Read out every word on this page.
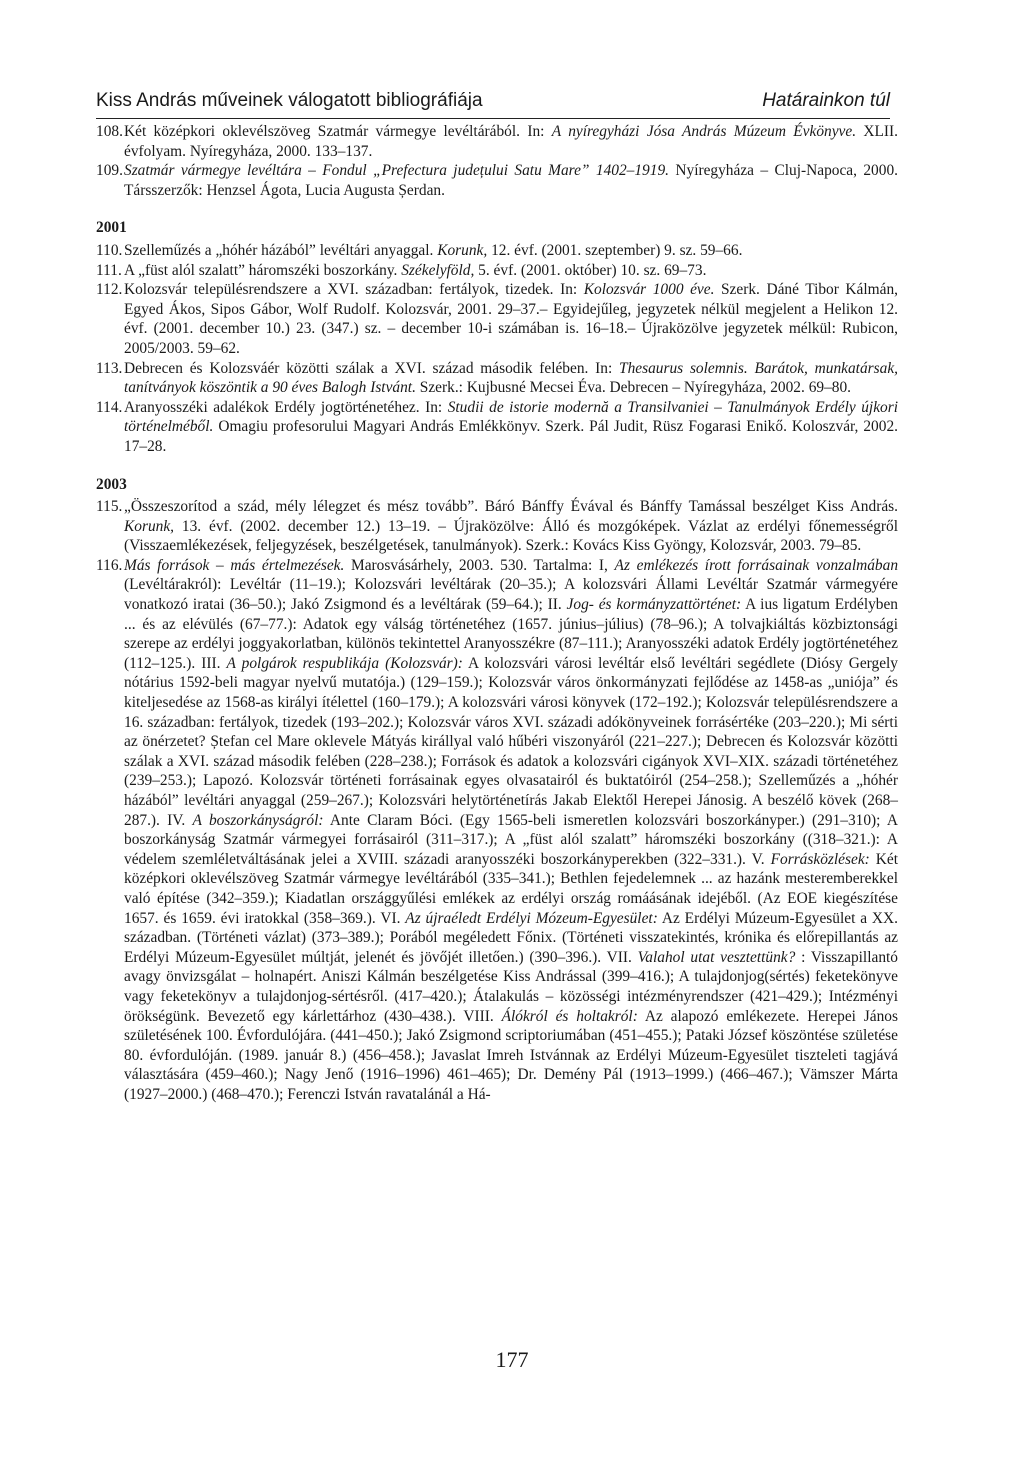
Kiss András műveinek válogatott bibliográfiája	Határainkon túl
108. Két középkori oklevélszöveg Szatmár vármegye levéltárából. In: A nyíregyházi Jósa András Múzeum Évkönyve. XLII. évfolyam. Nyíregyháza, 2000. 133–137.
109. Szatmár vármegye levéltára – Fondul „Prefectura județului Satu Mare” 1402–1919. Nyíregyháza – Cluj-Napoca, 2000. Társszerzők: Henzsel Ágota, Lucia Augusta Șerdan.
2001
110. Szelleműzés a „hóhér házából” levéltári anyaggal. Korunk, 12. évf. (2001. szeptember) 9. sz. 59–66.
111. A „füst alól szalatt” háromszéki boszorkány. Székelyföld, 5. évf. (2001. október) 10. sz. 69–73.
112. Kolozsvár településrendszere a XVI. században: fertályok, tizedek. In: Kolozsvár 1000 éve. Szerk. Dáné Tibor Kálmán, Egyed Ákos, Sipos Gábor, Wolf Rudolf. Kolozsvár, 2001. 29–37.– Egyidejűleg, jegyzetek nélkül megjelent a Helikon 12. évf. (2001. december 10.) 23. (347.) sz. – december 10-i számában is. 16–18.– Újraközölve jegyzetek mélkül: Rubicon, 2005/2003. 59–62.
113. Debrecen és Kolozsváér közötti szálak a XVI. század második felében. In: Thesaurus solemnis. Barátok, munkatársak, tanítványok köszöntik a 90 éves Balogh Istvánt. Szerk.: Kujbusné Mecsei Éva. Debrecen – Nyíregyháza, 2002. 69–80.
114. Aranyosszéki adalékok Erdély jogtörténetéhez. In: Studii de istorie modernă a Transilvaniei – Tanulmányok Erdély újkori történelméből. Omagiu profesorului Magyari András Emlékkönyv. Szerk. Pál Judit, Rüsz Fogarasi Enikő. Koloszvár, 2002. 17–28.
2003
115. „Összeszorítod a szád, mély lélegzet és mész tovább”. Báró Bánffy Évával és Bánffy Tamással beszélget Kiss András. Korunk, 13. évf. (2002. december 12.) 13–19. – Újraközölve: Álló és mozgóképek. Vázlat az erdélyi főnemességről (Visszaemlékezések, feljegyzések, beszélgetések, tanulmányok). Szerk.: Kovács Kiss Gyöngy, Kolozsvár, 2003. 79–85.
116. Más források – más értelmezések. Marosvásárhely, 2003. 530. Tartalma: I, Az emlékezés írott forrásainak vonzalmában (Levéltárakról): Levéltár (11–19.); Kolozsvári levéltárak (20–35.); A kolozsvári Állami Levéltár Szatmár vármegyére vonatkozó iratai (36–50.); Jakó Zsigmond és a levéltárak (59–64.); II. Jog- és kormányzattörténet: A ius ligatum Erdélyben ... és az elévülés (67–77.): Adatok egy válság történetéhez (1657. június–július) (78–96.); A tolvajkiáltás közbiztonsági szerepe az erdélyi joggyakorlatban, különös tekintettel Aranyosszékre (87–111.); Aranyosszéki adatok Erdély jogtörténetéhez (112–125.). III. A polgárok respublikája (Kolozsvár): A kolozsvári városi levéltár első levéltári segédlete (Diósy Gergely nótárius 1592-beli magyar nyelvű mutatója.) (129–159.); Kolozsvár város önkormányzati fejlődése az 1458-as „uniója” és kiteljesedése az 1568-as királyi ítélettel (160–179.); A kolozsvári városi könyvek (172–192.); Kolozsvár településrendszere a 16. században: fertályok, tizedek (193–202.); Kolozsvár város XVI. századi adókönyveinek forrásértéke (203–220.); Mi sérti az önérzetet? Ștefan cel Mare oklevele Mátyás királlyal való hűbéri viszonyáról (221–227.); Debrecen és Kolozsvár közötti szálak a XVI. század második felében (228–238.); Források és adatok a kolozsvári cigányok XVI–XIX. századi történetéhez (239–253.); Lapozó. Kolozsvár történeti forrásainak egyes olvasatairól és buktatóiról (254–258.); Szelleműzés a „hóhér házából” levéltári anyaggal (259–267.); Kolozsvári helytörténetírás Jakab Elektől Herepei Jánosig. A beszélő kövek (268–287.). IV. A boszorkányságról: Ante Claram Bóci. (Egy 1565-beli ismeretlen kolozsvári boszorkányper.) (291–310); A boszorkányság Szatmár vármegyei forrásairól (311–317.); A „füst alól szalatt” háromszéki boszorkány ((318–321.): A védelem szemléletváltásának jelei a XVIII. századi aranyosszéki boszorkányperekben (322–331.). V. Forrásközlések: Két középkori oklevélszöveg Szatmár vármegye levéltárából (335–341.); Bethlen fejedelemnek ... az hazánk mesteremberekkel való építése (342–359.); Kiadatlan országgyűlési emlékek az erdélyi ország romáásának idejéből. (Az EOE kiegészítése 1657. és 1659. évi iratokkal (358–369.). VI. Az újraéledt Erdélyi Mózeum-Egyesület: Az Erdélyi Múzeum-Egyesület a XX. században. (Történeti vázlat) (373–389.); Porából megéledett Főnix. (Történeti visszatekintés, krónika és előrepillantás az Erdélyi Múzeum-Egyesület múltját, jelenét és jövőjét illetően.) (390–396.). VII. Valahol utat vesztettünk? : Visszapillantó avagy önvizsgálat – holnapért. Aniszi Kálmán beszélgetése Kiss Andrással (399–416.); A tulajdonjog(sértés) feketekönyve vagy feketekönyv a tulajdonjog-sértésről. (417–420.); Átalakulás – közösségi intézményrendszer (421–429.); Intézményi örökségünk. Bevezető egy kárlettárhoz (430–438.). VIII. Álókról és holtakról: Az alapozó emlékezete. Herepei János születésének 100. Évfordulójára. (441–450.); Jakó Zsigmond scriptoriumában (451–455.); Pataki József köszöntése születése 80. évfordulóján. (1989. január 8.) (456–458.); Javaslat Imreh Istvánnak az Erdélyi Múzeum-Egyesület tiszteleti tagjává választására (459–460.); Nagy Jenő (1916–1996) 461–465); Dr. Demény Pál (1913–1999.) (466–467.); Vämszer Márta (1927–2000.) (468–470.); Ferenczi István ravatalánál a Há-
177
